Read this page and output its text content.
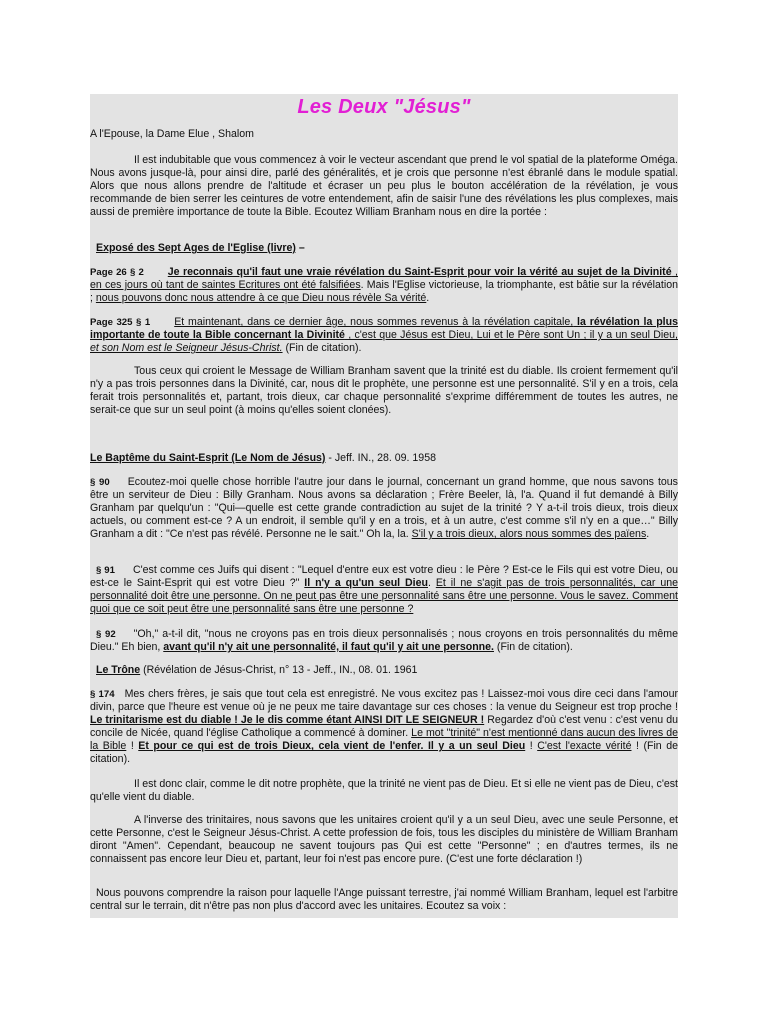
Les Deux "Jésus"
A l'Epouse, la Dame Elue , Shalom
Il est indubitable que vous commencez à voir le vecteur ascendant que prend le vol spatial de la plateforme Oméga. Nous avons jusque-là, pour ainsi dire, parlé des généralités, et je crois que personne n'est ébranlé dans le module spatial. Alors que nous allons prendre de l'altitude et écraser un peu plus le bouton accélération de la révélation, je vous recommande de bien serrer les ceintures de votre entendement, afin de saisir l'une des révélations les plus complexes, mais aussi de première importance de toute la Bible. Ecoutez William Branham nous en dire la portée :
Exposé des Sept Ages de l'Eglise (livre) –
Page 26 § 2 Je reconnais qu'il faut une vraie révélation du Saint-Esprit pour voir la vérité au sujet de la Divinité , en ces jours où tant de saintes Ecritures ont été falsifiées. Mais l'Eglise victorieuse, la triomphante, est bâtie sur la révélation ; nous pouvons donc nous attendre à ce que Dieu nous révèle Sa vérité.
Page 325 § 1 Et maintenant, dans ce dernier âge, nous sommes revenus à la révélation capitale, la révélation la plus importante de toute la Bible concernant la Divinité , c'est que Jésus est Dieu, Lui et le Père sont Un ; il y a un seul Dieu, et son Nom est le Seigneur Jésus-Christ. (Fin de citation).
Tous ceux qui croient le Message de William Branham savent que la trinité est du diable. Ils croient fermement qu'il n'y a pas trois personnes dans la Divinité, car, nous dit le prophète, une personne est une personnalité. S'il y en a trois, cela ferait trois personnalités et, partant, trois dieux, car chaque personnalité s'exprime différemment de toutes les autres, ne serait-ce que sur un seul point (à moins qu'elles soient clonées).
Le Baptême du Saint-Esprit (Le Nom de Jésus) - Jeff. IN., 28. 09. 1958
§ 90 Ecoutez-moi quelle chose horrible l'autre jour dans le journal, concernant un grand homme, que nous savons tous être un serviteur de Dieu : Billy Granham. Nous avons sa déclaration ; Frère Beeler, là, l'a. Quand il fut demandé à Billy Granham par quelqu'un : "Qui—quelle est cette grande contradiction au sujet de la trinité ? Y a-t-il trois dieux, trois dieux actuels, ou comment est-ce ? A un endroit, il semble qu'il y en a trois, et à un autre, c'est comme s'il n'y en a que…" Billy Granham a dit : "Ce n'est pas révélé. Personne ne le sait." Oh la, la. S'il y a trois dieux, alors nous sommes des païens.
§ 91 C'est comme ces Juifs qui disent : "Lequel d'entre eux est votre dieu : le Père ? Est-ce le Fils qui est votre Dieu, ou est-ce le Saint-Esprit qui est votre Dieu ?" Il n'y a qu'un seul Dieu. Et il ne s'agit pas de trois personnalités, car une personnalité doit être une personne. On ne peut pas être une personnalité sans être une personne. Vous le savez. Comment quoi que ce soit peut être une personnalité sans être une personne ?
§ 92 "Oh," a-t-il dit, "nous ne croyons pas en trois dieux personnalisés ; nous croyons en trois personnalités du même Dieu." Eh bien, avant qu'il n'y ait une personnalité, il faut qu'il y ait une personne. (Fin de citation).
Le Trône (Révélation de Jésus-Christ, n° 13 - Jeff., IN., 08. 01. 1961
§ 174 Mes chers frères, je sais que tout cela est enregistré. Ne vous excitez pas ! Laissez-moi vous dire ceci dans l'amour divin, parce que l'heure est venue où je ne peux me taire davantage sur ces choses : la venue du Seigneur est trop proche ! Le trinitarisme est du diable ! Je le dis comme étant AINSI DIT LE SEIGNEUR ! Regardez d'où c'est venu : c'est venu du concile de Nicée, quand l'église Catholique a commencé à dominer. Le mot "trinité" n'est mentionné dans aucun des livres de la Bible ! Et pour ce qui est de trois Dieux, cela vient de l'enfer. Il y a un seul Dieu ! C'est l'exacte vérité ! (Fin de citation).
Il est donc clair, comme le dit notre prophète, que la trinité ne vient pas de Dieu. Et si elle ne vient pas de Dieu, c'est qu'elle vient du diable.
A l'inverse des trinitaires, nous savons que les unitaires croient qu'il y a un seul Dieu, avec une seule Personne, et cette Personne, c'est le Seigneur Jésus-Christ. A cette profession de fois, tous les disciples du ministère de William Branham diront "Amen". Cependant, beaucoup ne savent toujours pas Qui est cette "Personne" ; en d'autres termes, ils ne connaissent pas encore leur Dieu et, partant, leur foi n'est pas encore pure. (C'est une forte déclaration !)
Nous pouvons comprendre la raison pour laquelle l'Ange puissant terrestre, j'ai nommé William Branham, lequel est l'arbitre central sur le terrain, dit n'être pas non plus d'accord avec les unitaires. Ecoutez sa voix :
